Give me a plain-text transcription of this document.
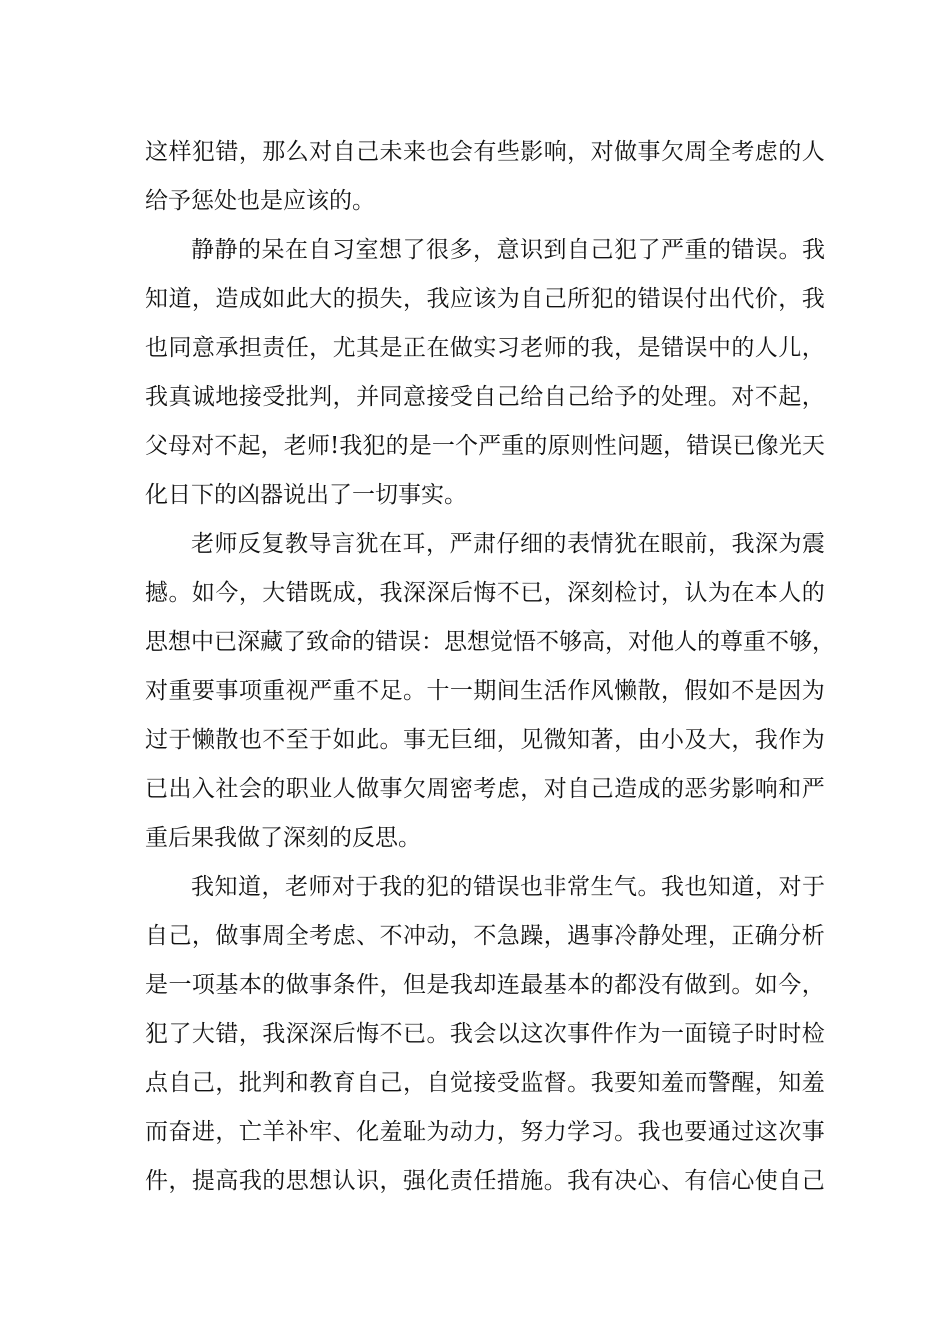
这 样 犯 错 ， 那 么 对 自 己 未 来 也 会 有 些 影 响 ， 对 做 事 欠 周 全 考 虑 的 人
给予惩处也是应该的。
静 静 的 呆 在 自 习 室 想 了 很 多 ， 意 识 到 自 己 犯 了 严 重 的 错 误 。 我
知 道 ， 造 成 如 此 大 的 损 失 ， 我 应 该 为 自 己 所 犯 的 错 误 付 出 代 价 ， 我
也 同 意 承 担 责 任 ， 尤 其 是 正 在 做 实 习 老 师 的 我 ， 是 错 误 中 的 人 儿 ，
我 真 诚 地 接 受 批 判 ， 并 同 意 接 受 自 己 给 自 己 给 予 的 处 理 。 对 不 起 ，
父 母 对 不 起 ， 老 师 ! 我 犯 的 是 一 个 严 重 的 原 则 性 问 题 ， 错 误 已 像 光 天
化日下的凶器说出了一切事实。
老 师 反 复 教 导 言 犹 在 耳 ， 严 肃 仔 细 的 表 情 犹 在 眼 前 ， 我 深 为 震
撼 。 如 今 ， 大 错 既 成 ， 我 深 深 后 悔 不 已 ， 深 刻 检 讨 ， 认 为 在 本 人 的
思 想 中 已 深 藏 了 致 命 的 错 误 ： 思 想 觉 悟 不 够 高 ， 对 他 人 的 尊 重 不 够 ，
对 重 要 事 项 重 视 严 重 不 足 。 十 一 期 间 生 活 作 风 懒 散 ， 假 如 不 是 因 为
过 于 懒 散 也 不 至 于 如 此 。 事 无 巨 细 ， 见 微 知 著 ， 由 小 及 大 ， 我 作 为
已 出 入 社 会 的 职 业 人 做 事 欠 周 密 考 虑 ， 对 自 己 造 成 的 恶 劣 影 响 和 严
重后果我做了深刻的反思。
我 知 道 ， 老 师 对 于 我 的 犯 的 错 误 也 非 常 生 气 。 我 也 知 道 ， 对 于
自 己 ， 做 事 周 全 考 虑 、 不 冲 动 ， 不 急 躁 ， 遇 事 冷 静 处 理 ， 正 确 分 析
是 一 项 基 本 的 做 事 条 件 ， 但 是 我 却 连 最 基 本 的 都 没 有 做 到 。 如 今 ，
犯 了 大 错 ， 我 深 深 后 悔 不 已 。 我 会 以 这 次 事 件 作 为 一 面 镜 子 时 时 检
点 自 己 ， 批 判 和 教 育 自 己 ， 自 觉 接 受 监 督 。 我 要 知 羞 而 警 醒 ， 知 羞
而 奋 进 ， 亡 羊 补 牢 、 化 羞 耻 为 动 力 ， 努 力 学 习 。 我 也 要 通 过 这 次 事
件 ， 提 高 我 的 思 想 认 识 ， 强 化 责 任 措 施 。 我 有 决 心 、 有 信 心 使 自 己
